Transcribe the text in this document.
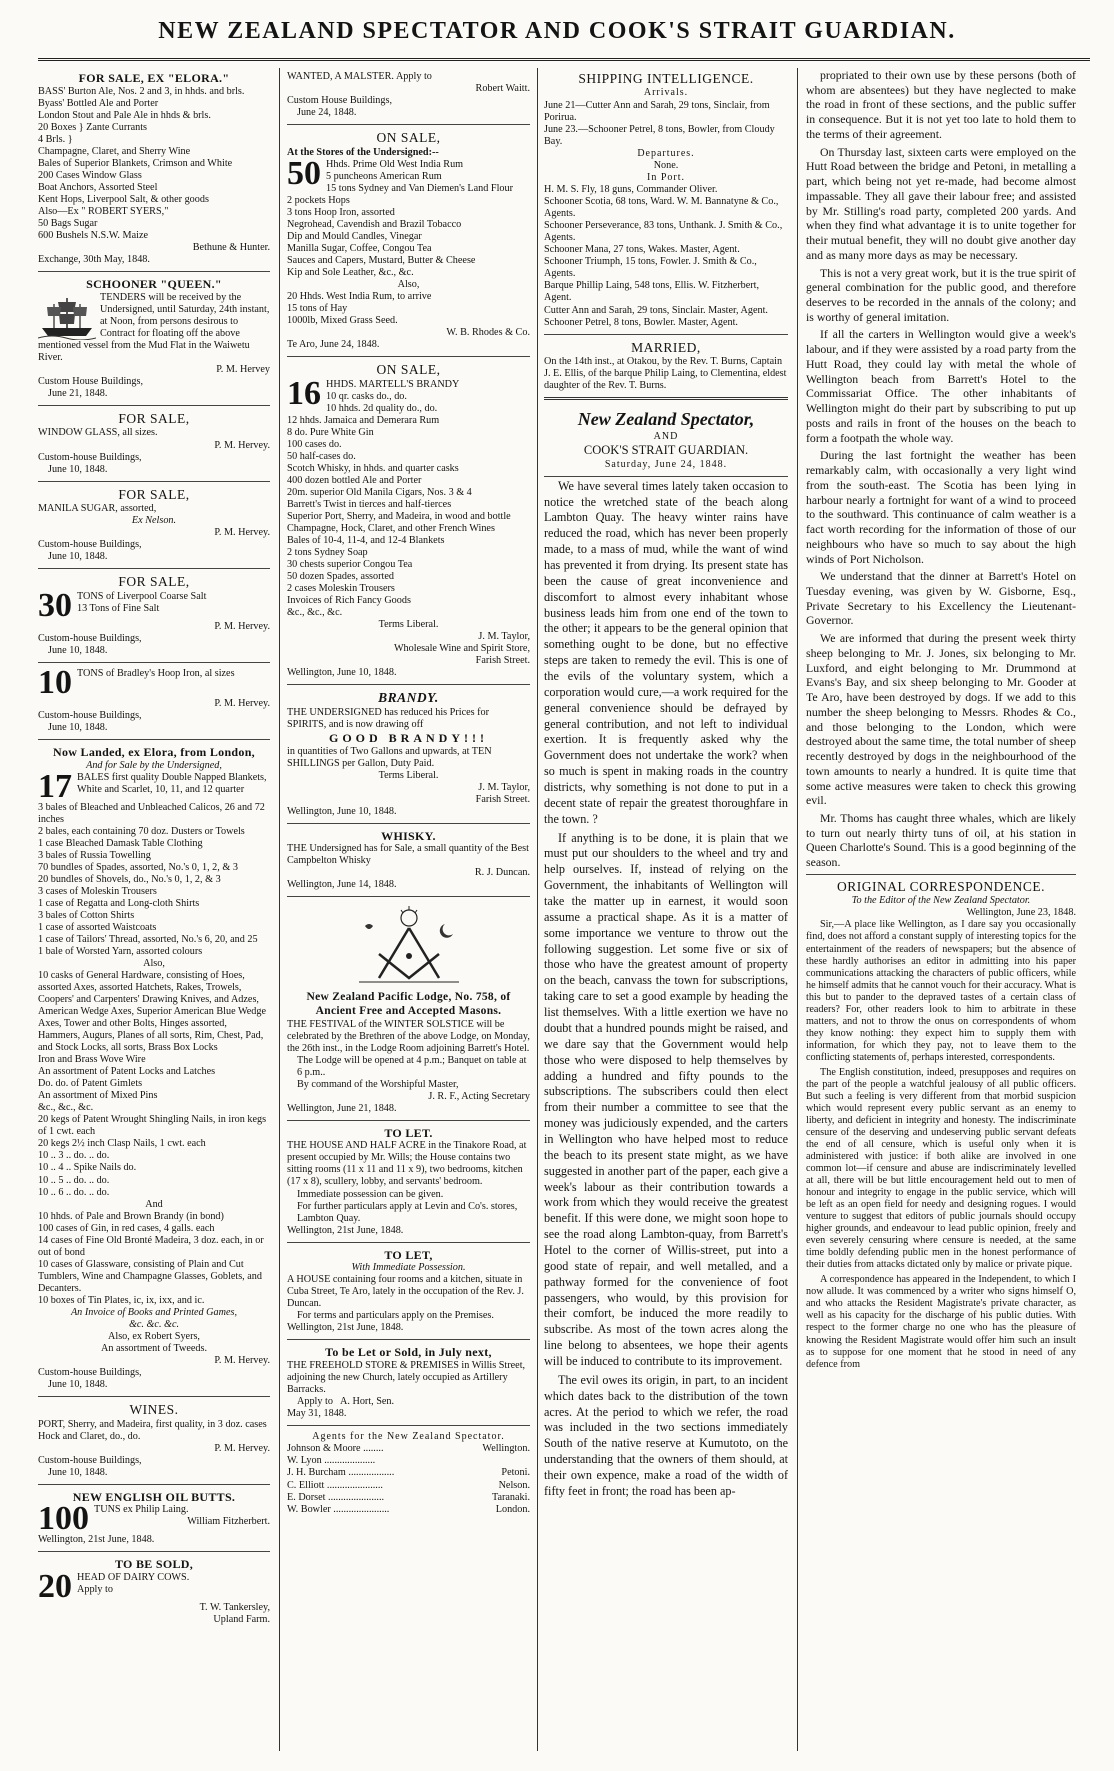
NEW ZEALAND SPECTATOR AND COOK'S STRAIT GUARDIAN.
FOR SALE, EX "ELORA."
BASS' Burton Ale, Nos. 2 and 3, in hhds. and brls.
Byass' Bottled Ale and Porter
London Stout and Pale Ale in hhds & brls.
20 Boxes } Zante Currants
4 Brls. }
Champagne, Claret, and Sherry Wine
Bales of Superior Blankets, Crimson and White
200 Cases Window Glass
Boat Anchors, Assorted Steel
Kent Hops, Liverpool Salt, & other goods
Also—Ex " ROBERT SYERS,"
50 Bags Sugar
600 Bushels N.S.W. Maize
Bethune & Hunter.
Exchange, 30th May, 1848.
SCHOONER "QUEEN."
TENDERS will be received by the Undersigned, until Saturday, 24th instant, at Noon, from persons desirous to Contract for floating off the above mentioned vessel from the Mud Flat in the Waiwetu River.
P. M. Hervey
Custom House Buildings,
June 21, 1848.
FOR SALE,
WINDOW GLASS, all sizes.
P. M. Hervey.
Custom-house Buildings,
June 10, 1848.
FOR SALE,
MANILA SUGAR, assorted,
Ex Nelson.
P. M. Hervey.
Custom-house Buildings,
June 10, 1848.
FOR SALE,
30 TONS of Liverpool Coarse Salt
13 Tons of Fine Salt
P. M. Hervey.
Custom-house Buildings,
June 10, 1848.
10 TONS of Bradley's Hoop Iron, al sizes
P. M. Hervey.
Custom-house Buildings,
June 10, 1848.
Now Landed, ex Elora, from London,
And for Sale by the Undersigned,
17 BALES first quality Double Napped Blankets, White and Scarlet, 10, 11, and 12 quarter
3 bales of Bleached and Unbleached Calicos, 26 and 72 inches
2 bales, each containing 70 doz. Dusters or Towels
1 case Bleached Damask Table Clothing
3 bales of Russia Towelling
70 bundles of Spades, assorted, No.'s 0, 1, 2, & 3
20 bundles of Shovels, do., No.'s 0, 1, 2, & 3
3 cases of Moleskin Trousers
1 case of Regatta and Long-cloth Shirts
3 bales of Cotton Shirts
1 case of assorted Waistcoats
1 case of Tailors' Thread, assorted, No.'s 6, 20, and 25
1 bale of Worsted Yarn, assorted colours
Also,
10 casks of General Hardware, consisting of Hoes, assorted Axes, assorted Hatchets, Rakes, Trowels, Coopers' and Carpenters' Drawing Knives, and Adzes, American Wedge Axes, Superior American Blue Wedge Axes, Tower and other Bolts, Hinges assorted, Hammers, Augurs, Planes of all sorts, Rim, Chest, Pad, and Stock Locks, all sorts, Brass Box Locks
Iron and Brass Wove Wire
An assortment of Patent Locks and Latches
Do. do. of Patent Gimlets
An assortment of Mixed Pins
&c., &c., &c.
20 kegs of Patent Wrought Shingling Nails, in iron kegs of 1 cwt. each
20 kegs 2½ inch Clasp Nails, 1 cwt. each
10 .. 3 .. do. .. do.
10 .. 4 .. Spike Nails do.
10 .. 5 .. do. .. do.
10 .. 6 .. do. .. do.
And
10 hhds. of Pale and Brown Brandy (in bond)
100 cases of Gin, in red cases, 4 galls. each
14 cases of Fine Old Bronté Madeira, 3 doz. each, in or out of bond
10 cases of Glassware, consisting of Plain and Cut Tumblers, Wine and Champagne Glasses, Goblets, and Decanters.
10 boxes of Tin Plates, ic, ix, ixx, and ic.
An Invoice of Books and Printed Games,
&c. &c. &c.
Also, ex Robert Syers,
An assortment of Tweeds.
P. M. Hervey.
Custom-house Buildings,
June 10, 1848.
WINES.
PORT, Sherry, and Madeira, first quality, in 3 doz. cases
Hock and Claret, do., do.
P. M. Hervey.
Custom-house Buildings,
June 10, 1848.
NEW ENGLISH OIL BUTTS.
100 TUNS ex Philip Laing.
William Fitzherbert.
Wellington, 21st June, 1848.
TO BE SOLD,
20 HEAD OF DAIRY COWS.
Apply to
T. W. Tankersley,
Upland Farm.
WANTED, A MALSTER. Apply to
Robert Waitt.
Custom House Buildings,
June 24, 1848.
ON SALE,
At the Stores of the Undersigned:--
50 Hhds. Prime Old West India Rum
5 puncheons American Rum
15 tons Sydney and Van Diemen's Land Flour
2 pockets Hops
3 tons Hoop Iron, assorted
Negrohead, Cavendish and Brazil Tobacco
Dip and Mould Candles, Vinegar
Manilla Sugar, Coffee, Congou Tea
Sauces and Capers, Mustard, Butter & Cheese
Kip and Sole Leather, &c., &c.
Also,
20 Hhds. West India Rum, to arrive
15 tons of Hay
1000lb, Mixed Grass Seed.
W. B. Rhodes & Co.
Te Aro, June 24, 1848.
ON SALE,
16 HHDS. MARTELL'S BRANDY
10 qr. casks do., do.
10 hhds. 2d quality do., do.
12 hhds. Jamaica and Demerara Rum
8 do. Pure White Gin
100 cases do.
50 half-cases do.
Scotch Whisky, in hhds. and quarter casks
400 dozen bottled Ale and Porter
20m. superior Old Manila Cigars, Nos. 3 & 4
Barrett's Twist in tierces and half-tierces
Superior Port, Sherry, and Madeira, in wood and bottle
Champagne, Hock, Claret, and other French Wines
Bales of 10-4, 11-4, and 12-4 Blankets
2 tons Sydney Soap
30 chests superior Congou Tea
50 dozen Spades, assorted
2 cases Moleskin Trousers
Invoices of Rich Fancy Goods
&c., &c., &c.
Terms Liberal.
J. M. Taylor,
Wholesale Wine and Spirit Store,
Farish Street.
Wellington, June 10, 1848.
BRANDY.
THE UNDERSIGNED has reduced his Prices for SPIRITS, and is now drawing off
GOOD BRANDY!!!
in quantities of Two Gallons and upwards, at TEN SHILLINGS per Gallon, Duty Paid.
Terms Liberal.
J. M. Taylor,
Farish Street.
Wellington, June 10, 1848.
WHISKY.
THE Undersigned has for Sale, a small quantity of the Best Campbelton Whisky
R. J. Duncan.
Wellington, June 14, 1848.
New Zealand Pacific Lodge, No. 758, of Ancient Free and Accepted Masons.
THE FESTIVAL of the WINTER SOLSTICE will be celebrated by the Brethren of the above Lodge, on Monday, the 26th inst., in the Lodge Room adjoining Barrett's Hotel.
The Lodge will be opened at 4 p.m.; Banquet on table at 6 p.m..
By command of the Worshipful Master,
J. R. F., Acting Secretary
Wellington, June 21, 1848.
TO LET.
THE HOUSE AND HALF ACRE in the Tinakore Road, at present occupied by Mr. Wills; the House contains two sitting rooms (11 x 11 and 11 x 9), two bedrooms, kitchen (17 x 8), scullery, lobby, and servants' bedroom.
Immediate possession can be given.
For further particulars apply at Levin and Co's. stores, Lambton Quay.
Wellington, 21st June, 1848.
TO LET,
With Immediate Possession.
A HOUSE containing four rooms and a kitchen, situate in Cuba Street, Te Aro, lately in the occupation of the Rev. J. Duncan.
For terms and particulars apply on the Premises.
Wellington, 21st June, 1848.
To be Let or Sold, in July next,
THE FREEHOLD STORE & PREMISES in Willis Street, adjoining the new Church, lately occupied as Artillery Barracks.
Apply to A. Hort, Sen.
May 31, 1848.
Agents for the New Zealand Spectator.
Johnson & Moore ........	Wellington.
W. Lyon ....................
J. H. Burcham ..................	Petoni.
C. Elliott ......................	Nelson.
E. Dorset ......................	Taranaki.
W. Bowler ......................	London.
SHIPPING INTELLIGENCE.
Arrivals.
June 21—Cutter Ann and Sarah, 29 tons, Sinclair, from Porirua.
June 23.—Schooner Petrel, 8 tons, Bowler, from Cloudy Bay.
Departures.
None.
In Port.
H. M. S. Fly, 18 guns, Commander Oliver.
Schooner Scotia, 68 tons, Ward. W. M. Bannatyne & Co., Agents.
Schooner Perseverance, 83 tons, Unthank. J. Smith & Co., Agents.
Schooner Mana, 27 tons, Wakes. Master, Agent.
Schooner Triumph, 15 tons, Fowler. J. Smith & Co., Agents.
Barque Phillip Laing, 548 tons, Ellis. W. Fitzherbert, Agent.
Cutter Ann and Sarah, 29 tons, Sinclair. Master, Agent.
Schooner Petrel, 8 tons, Bowler. Master, Agent.
MARRIED,
On the 14th inst., at Otakou, by the Rev. T. Burns, Captain J. E. Ellis, of the barque Philip Laing, to Clementina, eldest daughter of the Rev. T. Burns.
New Zealand Spectator,
AND
COOK'S STRAIT GUARDIAN.
Saturday, June 24, 1848.

We have several times lately taken occasion to notice the wretched state of the beach along Lambton Quay. The heavy winter rains have reduced the road, which has never been properly made, to a mass of mud, while the want of wind has prevented it from drying. Its present state has been the cause of great inconvenience and discomfort to almost every inhabitant whose business leads him from one end of the town to the other; it appears to be the general opinion that something ought to be done, but no effective steps are taken to remedy the evil. This is one of the evils of the voluntary system, which a corporation would cure,—a work required for the general convenience should be defrayed by general contribution, and not left to individual exertion. It is frequently asked why the Government does not undertake the work? when so much is spent in making roads in the country districts, why something is not done to put in a decent state of repair the greatest thoroughfare in the town. ?

If anything is to be done, it is plain that we must put our shoulders to the wheel and try and help ourselves. If, instead of relying on the Government, the inhabitants of Wellington will take the matter up in earnest, it would soon assume a practical shape. As it is a matter of some importance we venture to throw out the following suggestion. Let some five or six of those who have the greatest amount of property on the beach, canvass the town for subscriptions, taking care to set a good example by heading the list themselves. With a little exertion we have no doubt that a hundred pounds might be raised, and we dare say that the Government would help those who were disposed to help themselves by adding a hundred and fifty pounds to the subscriptions. The subscribers could then elect from their number a committee to see that the money was judiciously expended, and the carters in Wellington who have helped most to reduce the beach to its present state might, as we have suggested in another part of the paper, each give a week's labour as their contribution towards a work from which they would receive the greatest benefit. If this were done, we might soon hope to see the road along Lambton-quay, from Barrett's Hotel to the corner of Willis-street, put into a good state of repair, and well metalled, and a pathway formed for the convenience of foot passengers, who would, by this provision for their comfort, be induced the more readily to subscribe. As most of the town acres along the line belong to absentees, we hope their agents will be induced to contribute to its improvement.

The evil owes its origin, in part, to an incident which dates back to the distribution of the town acres. At the period to which we refer, the road was included in the two sections immediately South of the native reserve at Kumutoto, on the understanding that the owners of them should, at their own expence, make a road of the width of fifty feet in front; the road has been ap-

propriated to their own use by these persons (both of whom are absentees) but they have neglected to make the road in front of these sections, and the public suffer in consequence. But it is not yet too late to hold them to the terms of their agreement.

On Thursday last, sixteen carts were employed on the Hutt Road between the bridge and Petoni, in metalling a part, which being not yet re-made, had become almost impassable. They all gave their labour free; and assisted by Mr. Stilling's road party, completed 200 yards. And when they find what advantage it is to unite together for their mutual benefit, they will no doubt give another day and as many more days as may be necessary.

This is not a very great work, but it is the true spirit of general combination for the public good, and therefore deserves to be recorded in the annals of the colony; and is worthy of general imitation.

If all the carters in Wellington would give a week's labour, and if they were assisted by a road party from the Hutt Road, they could lay with metal the whole of Wellington beach from Barrett's Hotel to the Commissariat Office. The other inhabitants of Wellington might do their part by subscribing to put up posts and rails in front of the houses on the beach to form a footpath the whole way.

During the last fortnight the weather has been remarkably calm, with occasionally a very light wind from the south-east. The Scotia has been lying in harbour nearly a fortnight for want of a wind to proceed to the southward. This continuance of calm weather is a fact worth recording for the information of those of our neighbours who have so much to say about the high winds of Port Nicholson.

We understand that the dinner at Barrett's Hotel on Tuesday evening, was given by W. Gisborne, Esq., Private Secretary to his Excellency the Lieutenant-Governor.

We are informed that during the present week thirty sheep belonging to Mr. J. Jones, six belonging to Mr. Luxford, and eight belonging to Mr. Drummond at Evans's Bay, and six sheep belonging to Mr. Gooder at Te Aro, have been destroyed by dogs. If we add to this number the sheep belonging to Messrs. Rhodes & Co., and those belonging to the London, which were destroyed about the same time, the total number of sheep recently destroyed by dogs in the neighbourhood of the town amounts to nearly a hundred. It is quite time that some active measures were taken to check this growing evil.

Mr. Thoms has caught three whales, which are likely to turn out nearly thirty tuns of oil, at his station in Queen Charlotte's Sound. This is a good beginning of the season.

ORIGINAL CORRESPONDENCE.
To the Editor of the New Zealand Spectator.
Wellington, June 23, 1848.

Sir,—A place like Wellington, as I dare say you occasionally find, does not afford a constant supply of interesting topics for the entertainment of the readers of newspapers; but the absence of these hardly authorises an editor in admitting into his paper communications attacking the characters of public officers, while he himself admits that he cannot vouch for their accuracy. What is this but to pander to the depraved tastes of a certain class of readers? For, other readers look to him to arbitrate in these matters, and not to throw the onus on correspondents of whom they know nothing: they expect him to supply them with information, for which they pay, not to leave them to the conflicting statements of, perhaps interested, correspondents.

The English constitution, indeed, presupposes and requires on the part of the people a watchful jealousy of all public officers. But such a feeling is very different from that morbid suspicion which would represent every public servant as an enemy to liberty, and deficient in integrity and honesty. The indiscriminate censure of the deserving and undeserving public servant defeats the end of all censure, which is useful only when it is administered with justice: if both alike are involved in one common lot—if censure and abuse are indiscriminately levelled at all, there will be but little encouragement held out to men of honour and integrity to engage in the public service, which will be left as an open field for needy and designing rogues. I would venture to suggest that editors of public journals should occupy higher grounds, and endeavour to lead public opinion, freely and even severely censuring where censure is needed, at the same time boldly defending public men in the honest performance of their duties from attacks dictated only by malice or private pique.

A correspondence has appeared in the Independent, to which I now allude. It was commenced by a writer who signs himself O, and who attacks the Resident Magistrate's private character, as well as his capacity for the discharge of his public duties. With respect to the former charge no one who has the pleasure of knowing the Resident Magistrate would offer him such an insult as to suppose for one moment that he stood in need of any defence from
